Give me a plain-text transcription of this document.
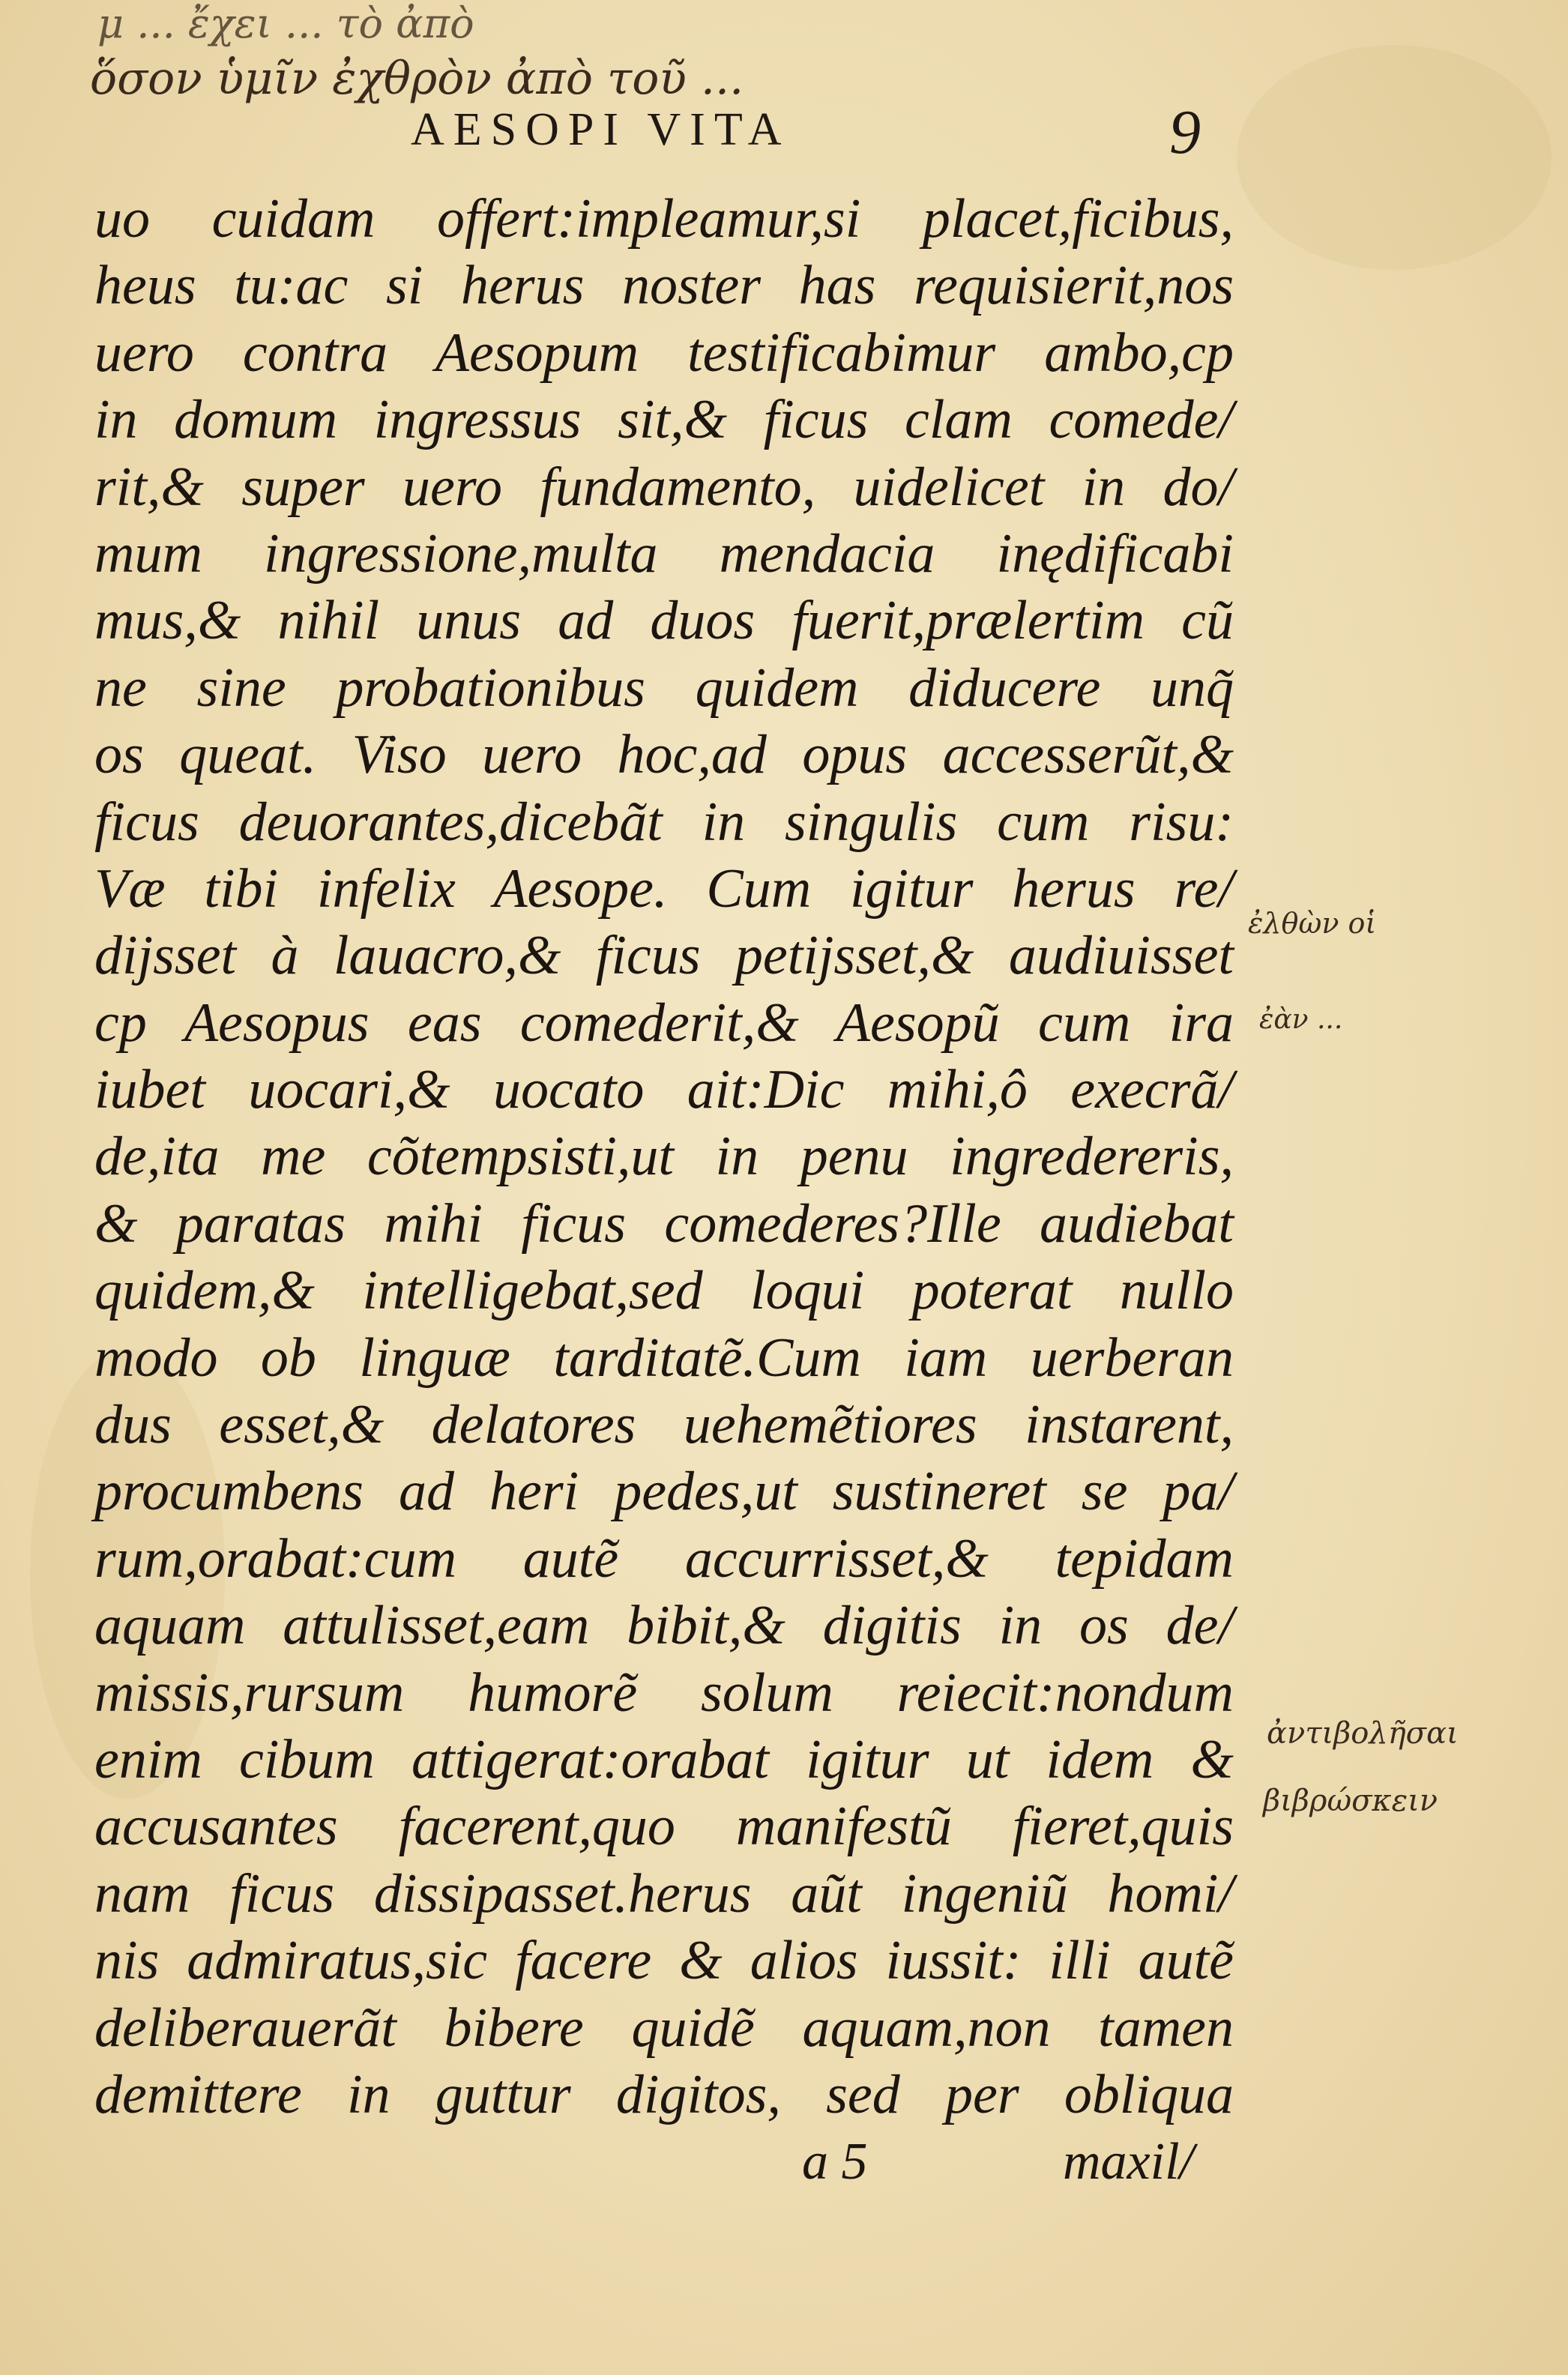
μ ... ἔχει ... τὸ ἀπὸ
ὅσον ὑμῖν ἐχθρὸν ἀπὸ τοῦ ...
AESOPI VITA	9
uo cuidam offert:impleamur,si placet,ficibus,
heus tu:ac si herus noster has requisierit,nos
uero contra Aesopum testificabimur ambo,cp
in domum ingressus sit,& ficus clam comede/
rit,& super uero fundamento, uidelicet in do/
mum ingressione,multa mendacia inędificabi
mus,& nihil unus ad duos fuerit,prælertim cũ
ne sine probationibus quidem diducere unq̃
os queat. Viso uero hoc,ad opus accesserũt,&
ficus deuorantes,dicebãt in singulis cum risu:
Væ tibi infelix Aesope. Cum igitur herus re/
dijsset à lauacro,& ficus petijsset,& audiuisset
cp Aesopus eas comederit,& Aesopũ cum ira
iubet uocari,& uocato ait:Dic mihi,ô execrã/
de,ita me cõtempsisti,ut in penu ingredereris,
& paratas mihi ficus comederes?Ille audiebat
quidem,& intelligebat,sed loqui poterat nullo
modo ob linguæ tarditatẽ.Cum iam uerberan
dus esset,& delatores uehemẽtiores instarent,
procumbens ad heri pedes,ut sustineret se pa/
rum,orabat:cum autẽ accurrisset,& tepidam
aquam attulisset,eam bibit,& digitis in os de/
missis,rursum humorẽ solum reiecit:nondum
enim cibum attigerat:orabat igitur ut idem &
accusantes facerent,quo manifestũ fieret,quis
nam ficus dissipasset.herus aũt ingeniũ homi/
nis admiratus,sic facere & alios iussit: illi autẽ
deliberauerãt bibere quidẽ aquam,non tamen
demittere in guttur digitos, sed per obliqua
a 5	maxil/
ἐλθὼν οἱ
ἐὰν ...
ἀντιβολῆσαι
βιβρώσκειν
